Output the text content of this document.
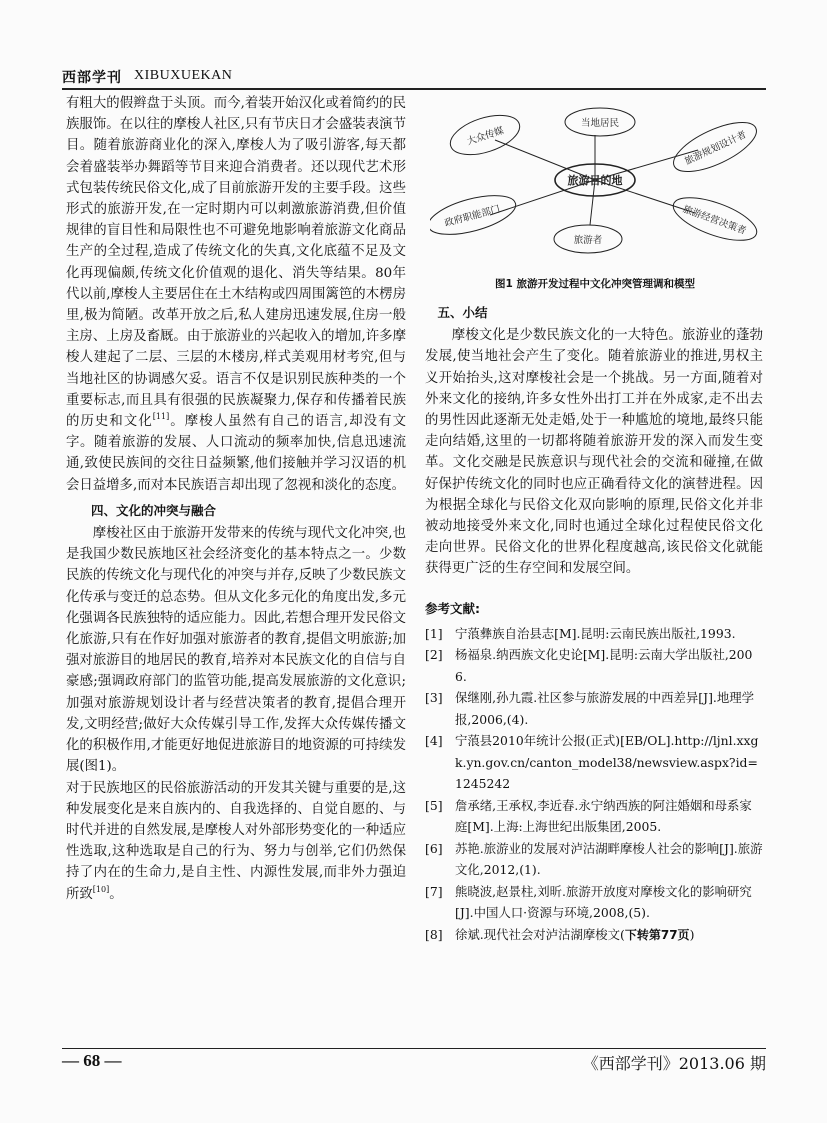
西部学刊 XIBUXUEKAN

有粗大的假辫盘于头顶。而今,着装开始汉化或着简约的民族服饰。在以往的摩梭人社区,只有节庆日才会盛装表演节目。随着旅游商业化的深入,摩梭人为了吸引游客,每天都会着盛装举办舞蹈等节目来迎合消费者。还以现代艺术形式包装传统民俗文化,成了目前旅游开发的主要手段。这些形式的旅游开发,在一定时期内可以刺激旅游消费,但价值规律的盲目性和局限性也不可避免地影响着旅游文化商品生产的全过程,造成了传统文化的失真,文化底蕴不足及文化再现偏颇,传统文化价值观的退化、消失等结果。80年代以前,摩梭人主要居住在土木结构或四周围篱笆的木楞房里,极为简陋。改革开放之后,私人建房迅速发展,住房一般主房、上房及畜厩。由于旅游业的兴起收入的增加,许多摩梭人建起了二层、三层的木楼房,样式美观用材考究,但与当地社区的协调感欠妥。语言不仅是识别民族种类的一个重要标志,而且具有很强的民族凝聚力,保存和传播着民族的历史和文化[11]。摩梭人虽然有自己的语言,却没有文字。随着旅游的发展、人口流动的频率加快,信息迅速流通,致使民族间的交往日益频繁,他们接触并学习汉语的机会日益增多,而对本民族语言却出现了忽视和淡化的态度。

四、文化的冲突与融合

摩梭社区由于旅游开发带来的传统与现代文化冲突,也是我国少数民族地区社会经济变化的基本特点之一。少数民族的传统文化与现代化的冲突与并存,反映了少数民族文化传承与变迁的总态势。但从文化多元化的角度出发,多元化强调各民族独特的适应能力。因此,若想合理开发民俗文化旅游,只有在作好加强对旅游者的教育,提倡文明旅游;加强对旅游目的地居民的教育,培养对本民族文化的自信与自豪感;强调政府部门的监管功能,提高发展旅游的文化意识;加强对旅游规划设计者与经营决策者的教育,提倡合理开发,文明经营;做好大众传媒引导工作,发挥大众传媒传播文化的积极作用,才能更好地促进旅游目的地资源的可持续发展(图1)。

对于民族地区的民俗旅游活动的开发其关键与重要的是,这种发展变化是来自族内的、自我选择的、自觉自愿的、与时代并进的自然发展,是摩梭人对外部形势变化的一种适应性选取,这种选取是自己的行为、努力与创举,它们仍然保持了内在的生命力,是自主性、内源性发展,而非外力强迫所致[10]。

旅游目的地
当地居民
大众传媒	旅游规划设计者
政府职能部门	旅游经营决策者
旅游者
图1 旅游开发过程中文化冲突管理调和模型
五、小结

摩梭文化是少数民族文化的一大特色。旅游业的蓬勃发展,使当地社会产生了变化。随着旅游业的推进,男权主义开始抬头,这对摩梭社会是一个挑战。另一方面,随着对外来文化的接纳,许多女性外出打工并在外成家,走不出去的男性因此逐渐无处走婚,处于一种尴尬的境地,最终只能走向结婚,这里的一切都将随着旅游开发的深入而发生变革。文化交融是民族意识与现代社会的交流和碰撞,在做好保护传统文化的同时也应正确看待文化的演替进程。因为根据全球化与民俗文化双向影响的原理,民俗文化并非被动地接受外来文化,同时也通过全球化过程使民俗文化走向世界。民俗文化的世界化程度越高,该民俗文化就能获得更广泛的生存空间和发展空间。

参考文献:
[1]	宁蒗彝族自治县志[M].昆明:云南民族出版社,1993.
[2]	杨福泉.纳西族文化史论[M].昆明:云南大学出版社,2006.
[3]	保继刚,孙九霞.社区参与旅游发展的中西差异[J].地理学报,2006,(4).
[4]	宁蒗县2010年统计公报(正式)[EB/OL].http://ljnl.xxgk.yn.gov.cn/canton_model38/newsview.aspx?id=1245242
[5]	詹承绪,王承权,李近春.永宁纳西族的阿注婚姻和母系家庭[M].上海:上海世纪出版集团,2005.
[6]	苏艳.旅游业的发展对泸沽湖畔摩梭人社会的影响[J].旅游文化,2012,(1).
[7]	熊晓波,赵景柱,刘昕.旅游开放度对摩梭文化的影响研究[J].中国人口·资源与环境,2008,(5).
[8]	徐斌.现代社会对泸沽湖摩梭文(下转第77页)
— 68 —	《西部学刊》2013.06 期
